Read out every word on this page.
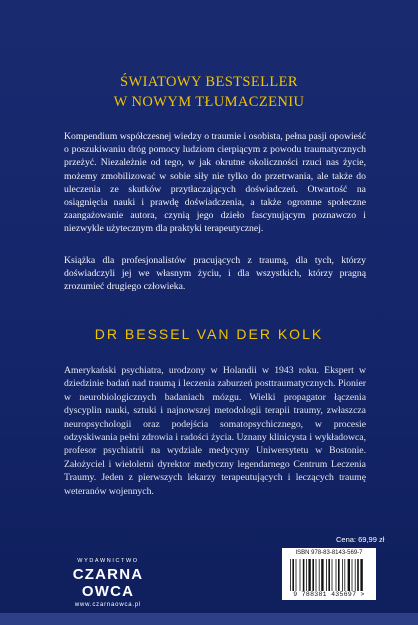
ŚWIATOWY BESTSELLER
W NOWYM TŁUMACZENIU

Kompendium współczesnej wiedzy o traumie i osobista, pełna pasji opowieść o poszukiwaniu dróg pomocy ludziom cierpiącym z powodu traumatycznych przeżyć. Niezależnie od tego, w jak okrutne okoliczności rzuci nas życie, możemy zmobilizować w sobie siły nie tylko do przetrwania, ale także do uleczenia ze skutków przytłaczających doświadczeń. Otwartość na osiągnięcia nauki i prawdę doświadczenia, a także ogromne społeczne zaangażowanie autora, czynią jego dzieło fascynującym poznawczo i niezwykle użytecznym dla praktyki terapeutycznej.

Książka dla profesjonalistów pracujących z traumą, dla tych, którzy doświadczyli jej we własnym życiu, i dla wszystkich, którzy pragną zrozumieć drugiego człowieka.

DR BESSEL VAN DER KOLK

Amerykański psychiatra, urodzony w Holandii w 1943 roku. Ekspert w dziedzinie badań nad traumą i leczenia zaburzeń posttraumatycznych. Pionier w neurobiologicznych badaniach mózgu. Wielki propagator łączenia dyscyplin nauki, sztuki i najnowszej metodologii terapii traumy, zwłaszcza neuropsychologii oraz podejścia somatopsychicznego, w procesie odzyskiwania pełni zdrowia i radości życia. Uznany klinicysta i wykładowca, profesor psychiatrii na wydziale medycyny Uniwersytetu w Bostonie. Założyciel i wieloletni dyrektor medyczny legendarnego Centrum Leczenia Traumy. Jeden z pierwszych lekarzy terapeutujących i leczących traumę weteranów wojennych.

Cena: 69,99 zł
ISBN 978-83-8143-569-7
9 788381 435697 >
WYDAWNICTWO
CZARNA OWCA
www.czarnaowca.pl
